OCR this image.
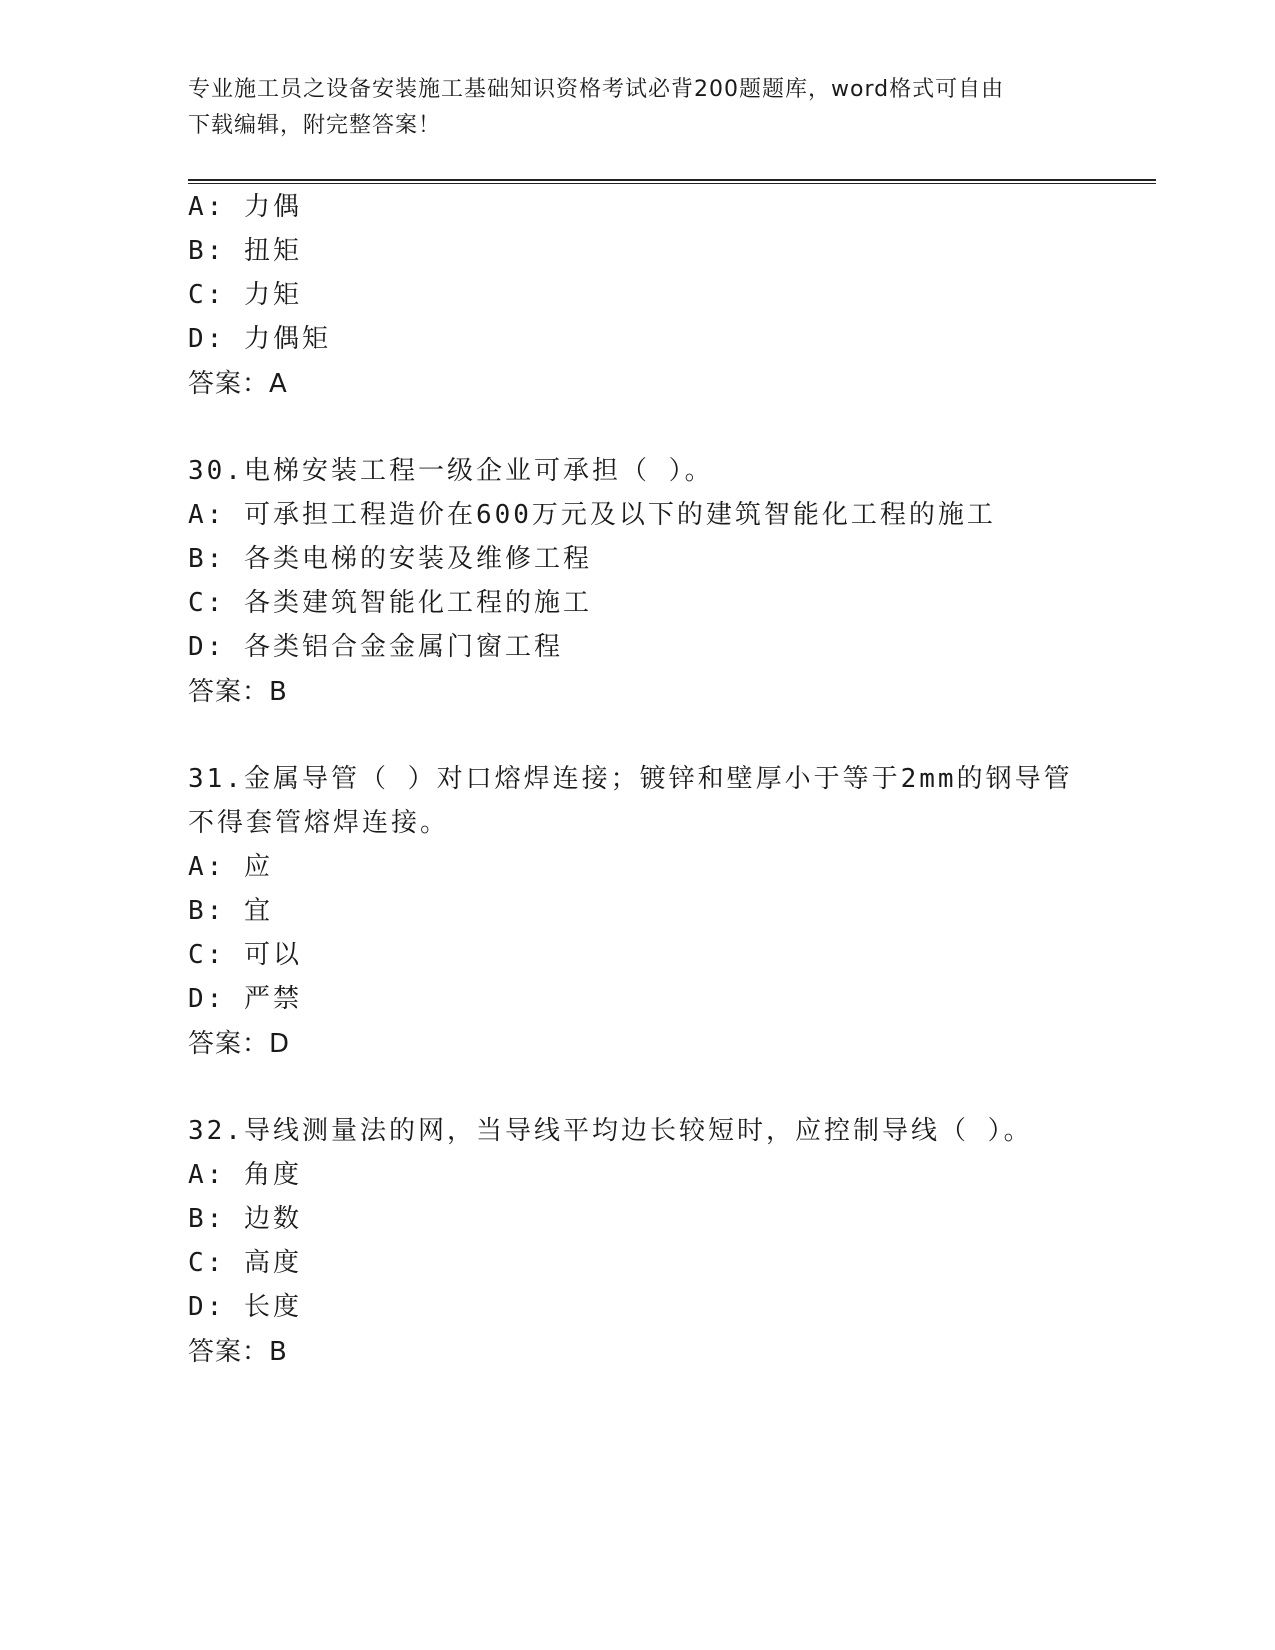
专业施工员之设备安装施工基础知识资格考试必背200题题库，word格式可自由
下载编辑，附完整答案！
A: 力偶
B: 扭矩
C: 力矩
D: 力偶矩
答案：A
30.电梯安装工程一级企业可承担（ ）。
A: 可承担工程造价在600万元及以下的建筑智能化工程的施工
B: 各类电梯的安装及维修工程
C: 各类建筑智能化工程的施工
D: 各类铝合金金属门窗工程
答案：B
31.金属导管（ ）对口熔焊连接；镀锌和壁厚小于等于2mm的钢导管
不得套管熔焊连接。
A: 应
B: 宜
C: 可以
D: 严禁
答案：D
32.导线测量法的网，当导线平均边长较短时，应控制导线（ ）。
A: 角度
B: 边数
C: 高度
D: 长度
答案：B
